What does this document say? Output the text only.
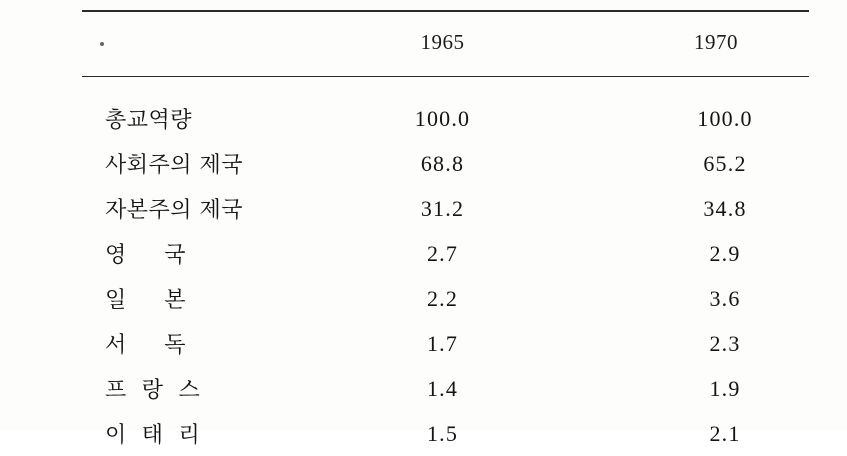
	1965	1970

총교역량	100.0	100.0
사회주의 제국	68.8	65.2
자본주의 제국	31.2	34.8
영     국	2.7	2.9
일     본	2.2	3.6
서     독	1.7	2.3
프  랑  스	1.4	1.9
이  태  리	1.5	2.1
